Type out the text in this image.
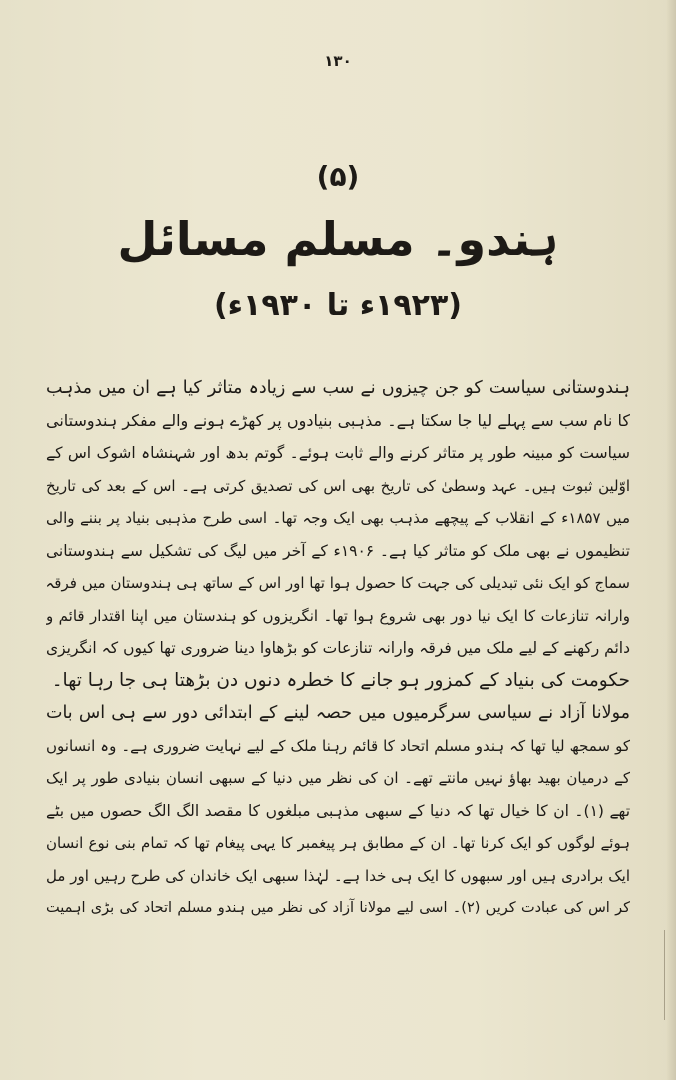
۱۳۰
(۵)
ہندو۔ مسلم مسائل
(۱۹۲۳ء تا ۱۹۳۰ء)
ہندوستانی سیاست کو جن چیزوں نے سب سے زیادہ متاثر کیا ہے ان میں مذہب
کا نام سب سے پہلے لیا جا سکتا ہے۔ مذہبی بنیادوں پر کھڑے ہونے والے مفکر ہندوستانی
سیاست کو مبینہ طور پر متاثر کرنے والے ثابت ہوئے۔ گوتم بدھ اور شہنشاہ اشوک اس کے
اوّلین ثبوت ہیں۔ عہد وسطیٰ کی تاریخ بھی اس کی تصدیق کرتی ہے۔ اس کے بعد کی تاریخ
میں ۱۸۵۷ء کے انقلاب کے پیچھے مذہب بھی ایک وجہ تھا۔ اسی طرح مذہبی بنیاد پر بننے والی
تنظیموں نے بھی ملک کو متاثر کیا ہے۔ ۱۹۰۶ء کے آخر میں لیگ کی تشکیل سے ہندوستانی
سماج کو ایک نئی تبدیلی کی جہت کا حصول ہوا تھا اور اس کے ساتھ ہی ہندوستان میں فرقہ
وارانہ تنازعات کا ایک نیا دور بھی شروع ہوا تھا۔ انگریزوں کو ہندستان میں اپنا اقتدار قائم و
دائم رکھنے کے لیے ملک میں فرقہ وارانہ تنازعات کو بڑھاوا دینا ضروری تھا کیوں کہ انگریزی
حکومت کی بنیاد کے کمزور ہو جانے کا خطرہ دنوں دن بڑھتا ہی جا رہا تھا۔
مولانا آزاد نے سیاسی سرگرمیوں میں حصہ لینے کے ابتدائی دور سے ہی اس بات
کو سمجھ لیا تھا کہ ہندو مسلم اتحاد کا قائم رہنا ملک کے لیے نہایت ضروری ہے۔ وہ انسانوں
کے درمیان بھید بھاؤ نہیں مانتے تھے۔ ان کی نظر میں دنیا کے سبھی انسان بنیادی طور پر ایک
تھے (۱)۔ ان کا خیال تھا کہ دنیا کے سبھی مذہبی مبلغوں کا مقصد الگ الگ حصوں میں بٹے
ہوئے لوگوں کو ایک کرنا تھا۔ ان کے مطابق ہر پیغمبر کا یہی پیغام تھا کہ تمام بنی نوع انسان
ایک برادری ہیں اور سبھوں کا ایک ہی خدا ہے۔ لہٰذا سبھی ایک خاندان کی طرح رہیں اور مل
کر اس کی عبادت کریں (۲)۔ اسی لیے مولانا آزاد کی نظر میں ہندو مسلم اتحاد کی بڑی اہمیت
